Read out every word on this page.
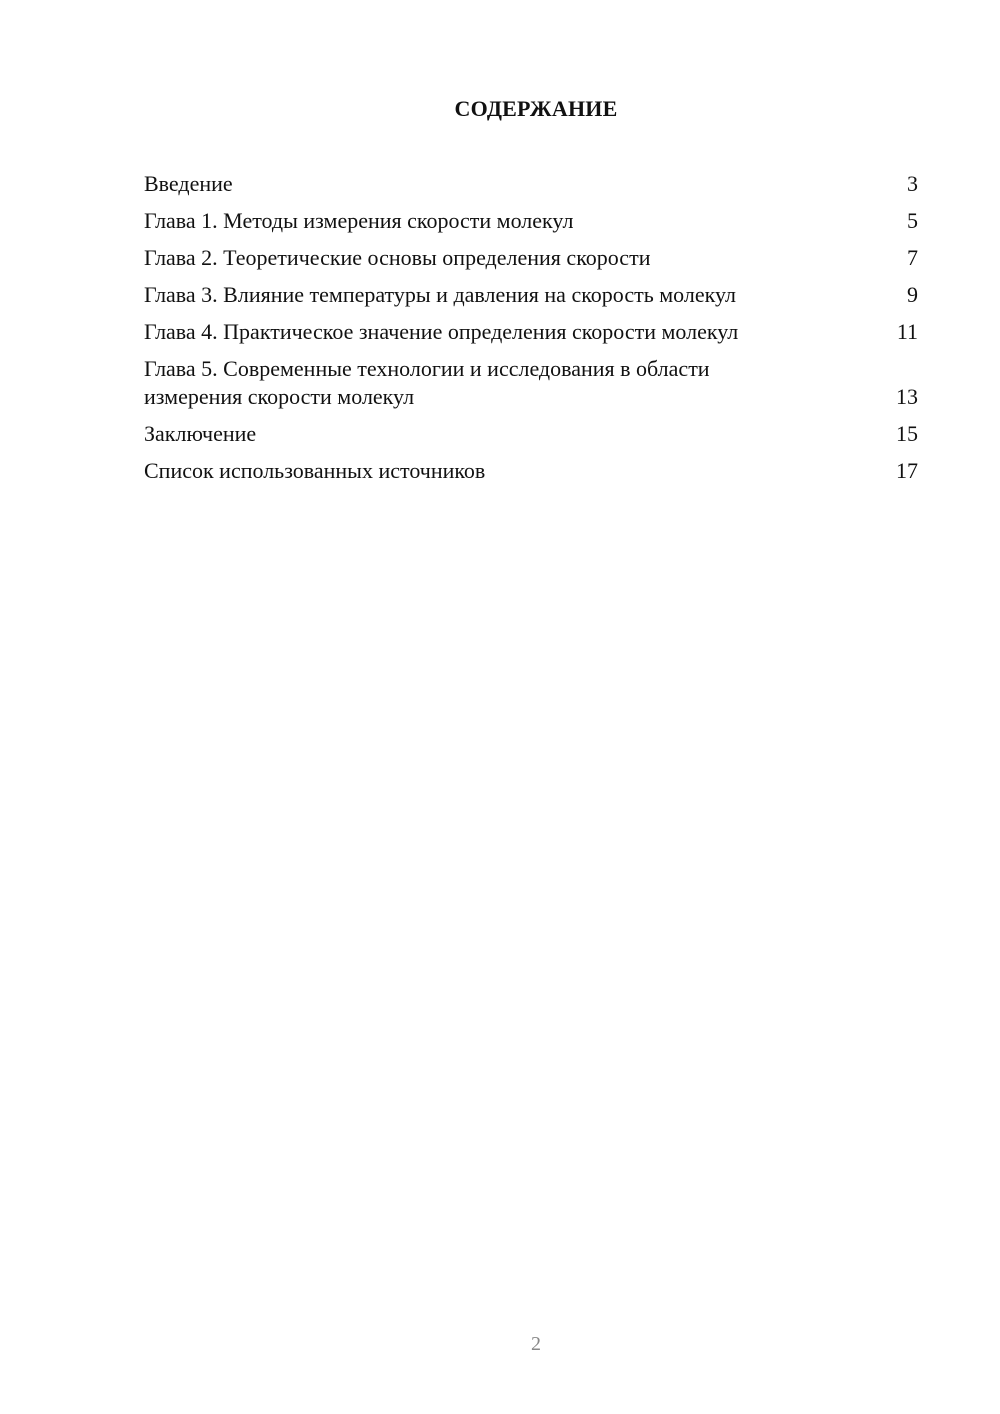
СОДЕРЖАНИЕ
Введение	3
Глава 1. Методы измерения скорости молекул	5
Глава 2. Теоретические основы определения скорости	7
Глава 3. Влияние температуры и давления на скорость молекул	9
Глава 4. Практическое значение определения скорости молекул	11
Глава 5. Современные технологии и исследования в области измерения скорости молекул	13
Заключение	15
Список использованных источников	17
2
